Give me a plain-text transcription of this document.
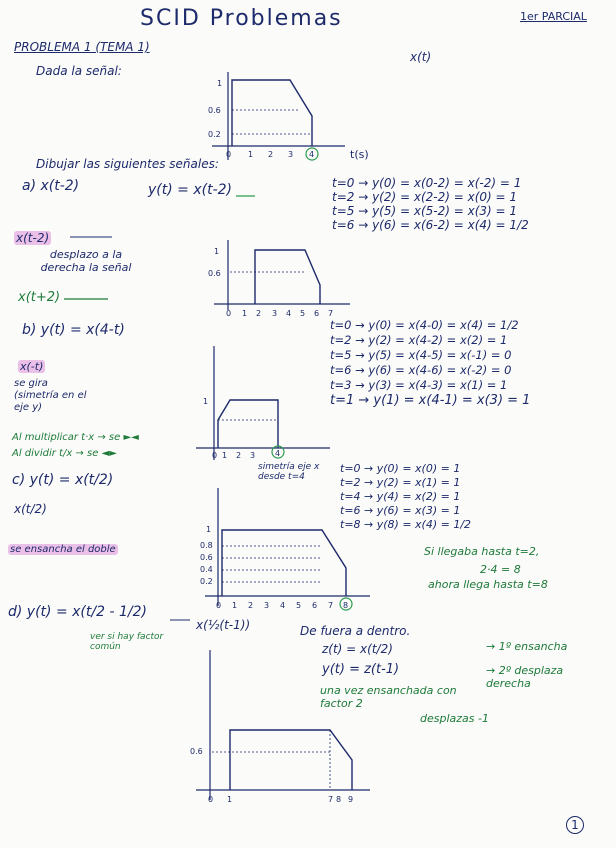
SCID Problemas	1er PARCIAL
PROBLEMA 1 (TEMA 1)
Dada la señal:
x(t)
Dibujar las siguientes señales:
a) x(t-2)	y(t) = x(t-2)	t=0 → y(0) = x(0-2) = x(-2) = 1
t=2 → y(2) = x(2-2) = x(0) = 1
t=5 → y(5) = x(5-2) = x(3) = 1
t=6 → y(6) = x(6-2) = x(4) = 1/2
x(t-2)
desplazo a la derecha la señal
x(t+2)
b) y(t) = x(4-t)	t=0 → y(0) = x(4-0) = x(4) = 1/2
t=2 → y(2) = x(4-2) = x(2) = 1
t=5 → y(5) = x(4-5) = x(-1) = 0
t=6 → y(6) = x(4-6) = x(-2) = 0
t=3 → y(3) = x(4-3) = x(1) = 1
t=1 → y(1) = x(4-1) = x(3) = 1
x(-t)
se gira (simetría en el eje y)
Al multiplicar t·x → se ►◄
Al dividir t/x → se ◄►
simetría eje x desde t=4
c) y(t) = x(t/2)
t=0 → y(0) = x(0) = 1
t=2 → y(2) = x(1) = 1
t=4 → y(4) = x(2) = 1
t=6 → y(6) = x(3) = 1
t=8 → y(8) = x(4) = 1/2
x(t/2)
se ensancha el doble	Si llegaba hasta t=2,
2·4 = 8
ahora llega hasta t=8
d) y(t) = x(t/2 - 1/2)
x(½(t-1))	De fuera a dentro.
z(t) = x(t/2)	→ 1º ensancha
y(t) = z(t-1)	→ 2º desplaza derecha
una vez ensanchada con factor 2
desplazas -1
ver si hay factor común
1
1
0.6
0.2
0 1 2 3 4	t(s)
1
0.6
0 1 2 3 4 5 6 7
1
0 1 2 3 4
1
0.8
0.6
0.4
0.2
0 1 2 3 4 5 6 7 8
0.6
0 1	7 8 9
